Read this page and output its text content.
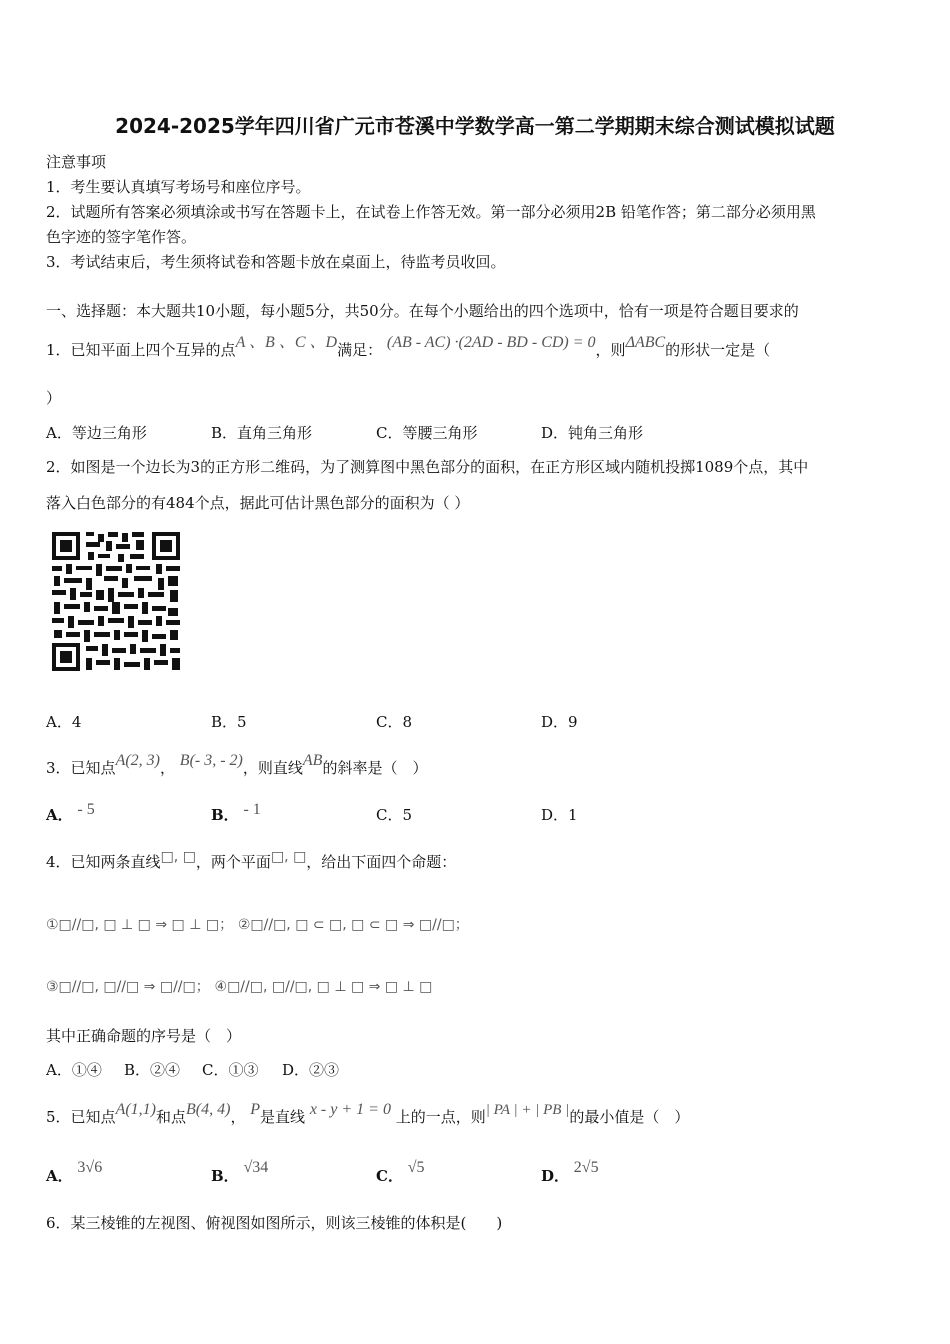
2024-2025学年四川省广元市苍溪中学数学高一第二学期期末综合测试模拟试题
注意事项
1．考生要认真填写考场号和座位序号。
2．试题所有答案必须填涂或书写在答题卡上，在试卷上作答无效。第一部分必须用2B 铅笔作答；第二部分必须用黑
色字迹的签字笔作答。
3．考试结束后，考生须将试卷和答题卡放在桌面上，待监考员收回。
一、选择题：本大题共10小题，每小题5分，共50分。在每个小题给出的四个选项中，恰有一项是符合题目要求的
1．已知平面上四个互异的点A 、B 、C 、D满足： (AB - AC) ·(2AD - BD - CD) = 0，则ΔABC的形状一定是（
）
A．等边三角形	B．直角三角形	C．等腰三角形	D．钝角三角形
2．如图是一个边长为3的正方形二维码，为了测算图中黑色部分的面积，在正方形区域内随机投掷1089个点，其中
落入白色部分的有484个点，据此可估计黑色部分的面积为（ ）
A．4	B．5	C．8	D．9
3．已知点A(2, 3)， B(- 3, - 2)，则直线AB的斜率是（　）
A． - 5	B． - 1	C．5	D．1
4．已知两条直线□, □，两个平面□, □，给出下面四个命题：
①□//□, □ ⊥ □ ⇒ □ ⊥ □； ②□//□, □ ⊂ □, □ ⊂ □ ⇒ □//□；
③□//□, □//□ ⇒ □//□； ④□//□, □//□, □ ⊥ □ ⇒ □ ⊥ □
其中正确命题的序号是（　）
A．①④ B．②④ C．①③ D．②③
5．已知点A(1,1)和点B(4, 4)， P是直线 x - y + 1 = 0 上的一点，则| PA | + | PB |的最小值是（　）
A． 3√6	B． √34	C． √5	D． 2√5
6．某三棱锥的左视图、俯视图如图所示，则该三棱锥的体积是(　　)
